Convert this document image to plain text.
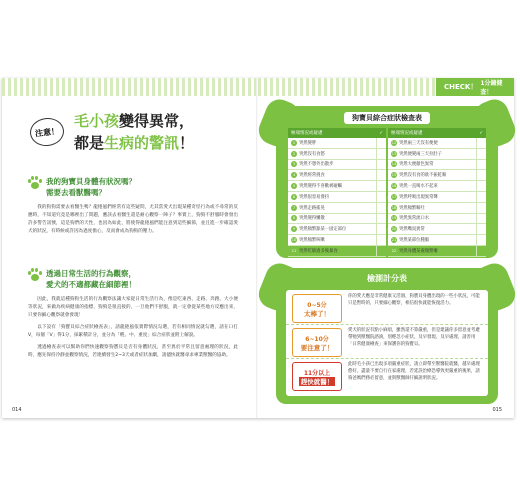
注意！
毛小孩變得異常，
都是生病的警訊！
我的狗寶貝身體有狀況嗎？
需要去看獸醫嗎？

我的狗狗需要去看醫生嗎？龍捲風們經常有這些疑問，尤其當愛犬出現某種奇怪行為或不尋常的反應時，不知道究竟是哪裡出了問題，應該去看醫生還是耐心觀察一陣子？事實上，狗狗不舒服時會發出許多警告訊號，這是狗們的天性，也因為如此，將使得龍捲風們能注意到這些細節，並且進一步確認愛犬的狀況，有時候或許因為過度擔心，反而會成為狗狗的壓力。

透過日常生活的行為觀察，
愛犬的不適都藏在細節裡！

因此，我就這種狗狗生活的行為觀察法讓大家從日常生活行為，像是吃東西、走路、奔跑、大小便等狀況，來做為疾病健康的指標，狗狗是很直接的，一旦他們不舒服，就一定會從某些地方反應出來，只要你細心觀察就會發現！

以下設有「狗寶貝綜合症狀檢查表」，請龍捲風依實際情況勾選，若有相同情況就勾選，請在口打V，每個「V」得1分，採累積計分，並分為「輕、中、重度」綜合症狀並附上解說。

透過檢查表可以幫助你們快速觀察狗寶貝是否有身體狀況，甚至異於平常且留意處理的狀況，此時，應先保持冷靜並觀察情況，若連續發生2~3天或者症狀加劇，請儘快就醫尋求專業獸醫的協助。

014
CHECK！ 1分鐘健查！
狗寶貝綜合症狀檢查表
極端情況或疑慮	✓
1 突然變胖
2 突然沒有食慾
3 突然不想外出散步
4 突然經常挑食
5 突然變得不喜歡被碰觸
6 突然很容易發抖
7 突然走路搖晃
8 突然變得懶散
9 突然頻繁舔某一固定部位
10 突然頻繁咳嗽
11 突然吃飯過多後暴食
極端情況或疑慮	✓
12 突然兩三天沒有便便
13 突然便變兩三天拉肚子
14 突然大便顏色異常
15 突然沒有食的欲不振乾嘔
16 突然一直喝水不起來
17 突然呼吸出現異常聲
18 突然頻繁嘔吐
19 突然異常流口水
20 突然嘴臭異常
21 突然某部位腫脹
22 突然身體某處頻繁癢
檢測計分表
0~5分
太棒了！
你的愛犬應是非常健康又活潑，狗寶貝身體出現的一些小狀況，可能只是暫時的，只要細心觀察，相信很快就能恢復活力。
6~10分
要注意了！
愛犬的狀況有點小麻煩，雖然還不算嚴重，但是建議你多留意並考慮帶牠到獸醫院諮詢，別輕忽小症狀，及早發現、及早處理，請善用「日常健康檢查」來保護你的狗寶貝。
11分以上
趕快就醫！
此時毛小孩已出現多項嚴重症狀，請立即帶至獸醫院就醫，越早處理愈好，盡量不要自行在家處理，若延誤治療恐導致更嚴重的後果，請狗爸媽們務必留意，並與獸醫師仔細說明狀況。
015
